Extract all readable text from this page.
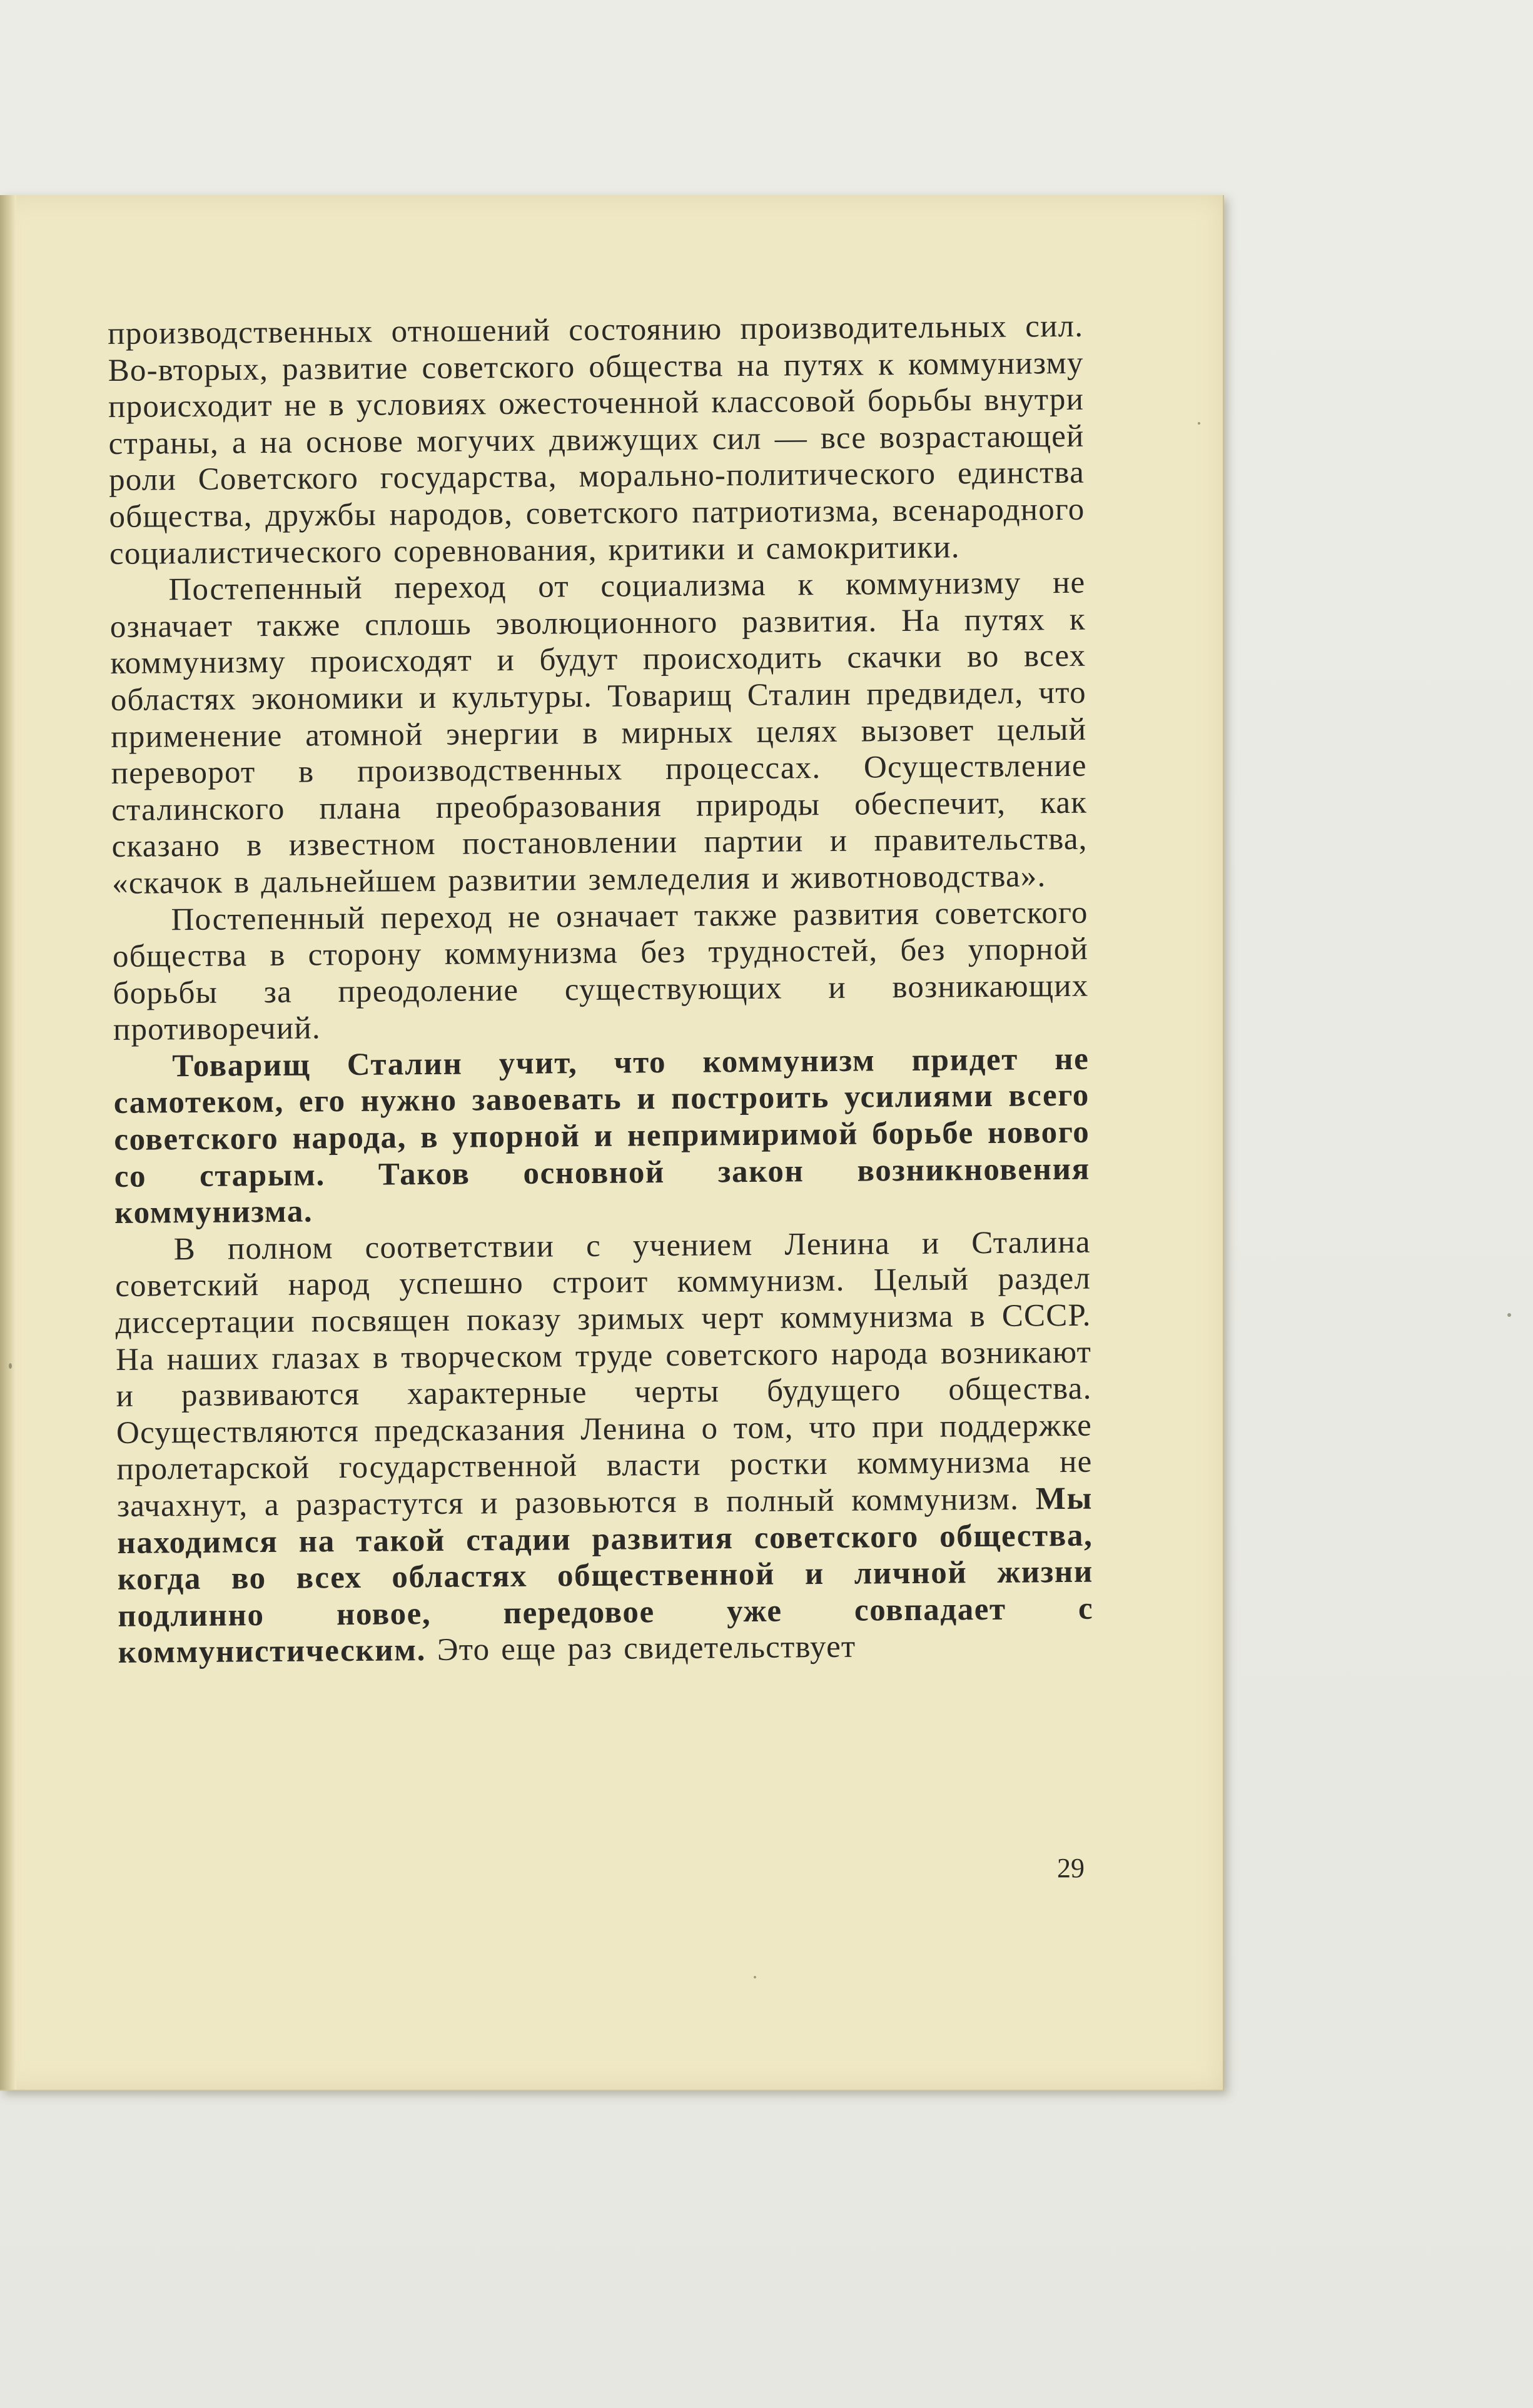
производственных отношений состоянию производительных сил. Во-вторых, развитие советского общества на путях к коммунизму происходит не в условиях ожесточенной классовой борьбы внутри страны, а на основе могучих движущих сил — все возрастающей роли Советского государства, морально-политического единства общества, дружбы народов, советского патриотизма, всенародного социалистического соревнования, критики и самокритики.

Постепенный переход от социализма к коммунизму не означает также сплошь эволюционного развития. На путях к коммунизму происходят и будут происходить скачки во всех областях экономики и культуры. Товарищ Сталин предвидел, что применение атомной энергии в мирных целях вызовет целый переворот в производственных процессах. Осуществление сталинского плана преобразования природы обеспечит, как сказано в известном постановлении партии и правительства, «скачок в дальнейшем развитии земледелия и животноводства».

Постепенный переход не означает также развития советского общества в сторону коммунизма без трудностей, без упорной борьбы за преодоление существующих и возникающих противоречий.

Товарищ Сталин учит, что коммунизм придет не самотеком, его нужно завоевать и построить усилиями всего советского народа, в упорной и непримиримой борьбе нового со старым. Таков основной закон возникновения коммунизма.

В полном соответствии с учением Ленина и Сталина советский народ успешно строит коммунизм. Целый раздел диссертации посвящен показу зримых черт коммунизма в СССР. На наших глазах в творческом труде советского народа возникают и развиваются характерные черты будущего общества. Осуществляются предсказания Ленина о том, что при поддержке пролетарской государственной власти ростки коммунизма не зачахнут, а разрастутся и разовьются в полный коммунизм. Мы находимся на такой стадии развития советского общества, когда во всех областях общественной и личной жизни подлинно новое, передовое уже совпадает с коммунистическим. Это еще раз свидетельствует

29
